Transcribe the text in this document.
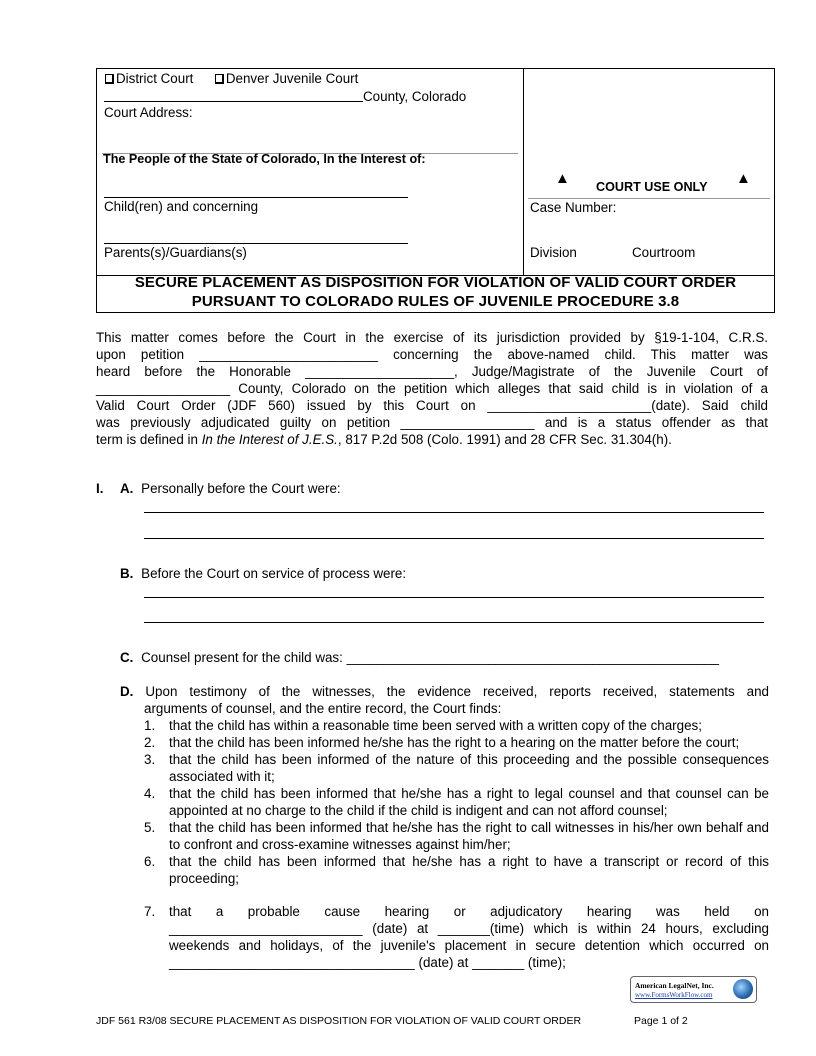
District Court Denver Juvenile Court
County, Colorado
Court Address:
The People of the State of Colorado, In the Interest of:
Child(ren) and concerning
Parents(s)/Guardians(s)
▲ COURT USE ONLY ▲
Case Number:
Division	Courtroom
SECURE PLACEMENT AS DISPOSITION FOR VIOLATION OF VALID COURT ORDER
PURSUANT TO COLORADO RULES OF JUVENILE PROCEDURE 3.8
This matter comes before the Court in the exercise of its jurisdiction provided by §19-1-104, C.R.S.
upon petition ________________________ concerning the above-named child. This matter was
heard before the Honorable ____________________, Judge/Magistrate of the Juvenile Court of
__________________ County, Colorado on the petition which alleges that said child is in violation of a
Valid Court Order (JDF 560) issued by this Court on ______________________(date). Said child
was previously adjudicated guilty on petition __________________ and is a status offender as that
term is defined in In the Interest of J.E.S., 817 P.2d 508 (Colo. 1991) and 28 CFR Sec. 31.304(h).
I. A. Personally before the Court were:
B. Before the Court on service of process were:
C. Counsel present for the child was: __________________________________________________
D. Upon testimony of the witnesses, the evidence received, reports received, statements and
arguments of counsel, and the entire record, the Court finds:
1. that the child has within a reasonable time been served with a written copy of the charges;
2. that the child has been informed he/she has the right to a hearing on the matter before the court;
3. that the child has been informed of the nature of this proceeding and the possible consequences associated with it;
4. that the child has been informed that he/she has a right to legal counsel and that counsel can be appointed at no charge to the child if the child is indigent and can not afford counsel;
5. that the child has been informed that he/she has the right to call witnesses in his/her own behalf and to confront and cross-examine witnesses against him/her;
6. that the child has been informed that he/she has a right to have a transcript or record of this proceeding;
7. that a probable cause hearing or adjudicatory hearing was held on
__________________________ (date) at _______(time) which is within 24 hours, excluding
weekends and holidays, of the juvenile's placement in secure detention which occurred on
_________________________________ (date) at _______ (time);
American LegalNet, Inc.
www.FormsWorkFlow.com
JDF 561 R3/08 SECURE PLACEMENT AS DISPOSITION FOR VIOLATION OF VALID COURT ORDER	Page 1 of 2
